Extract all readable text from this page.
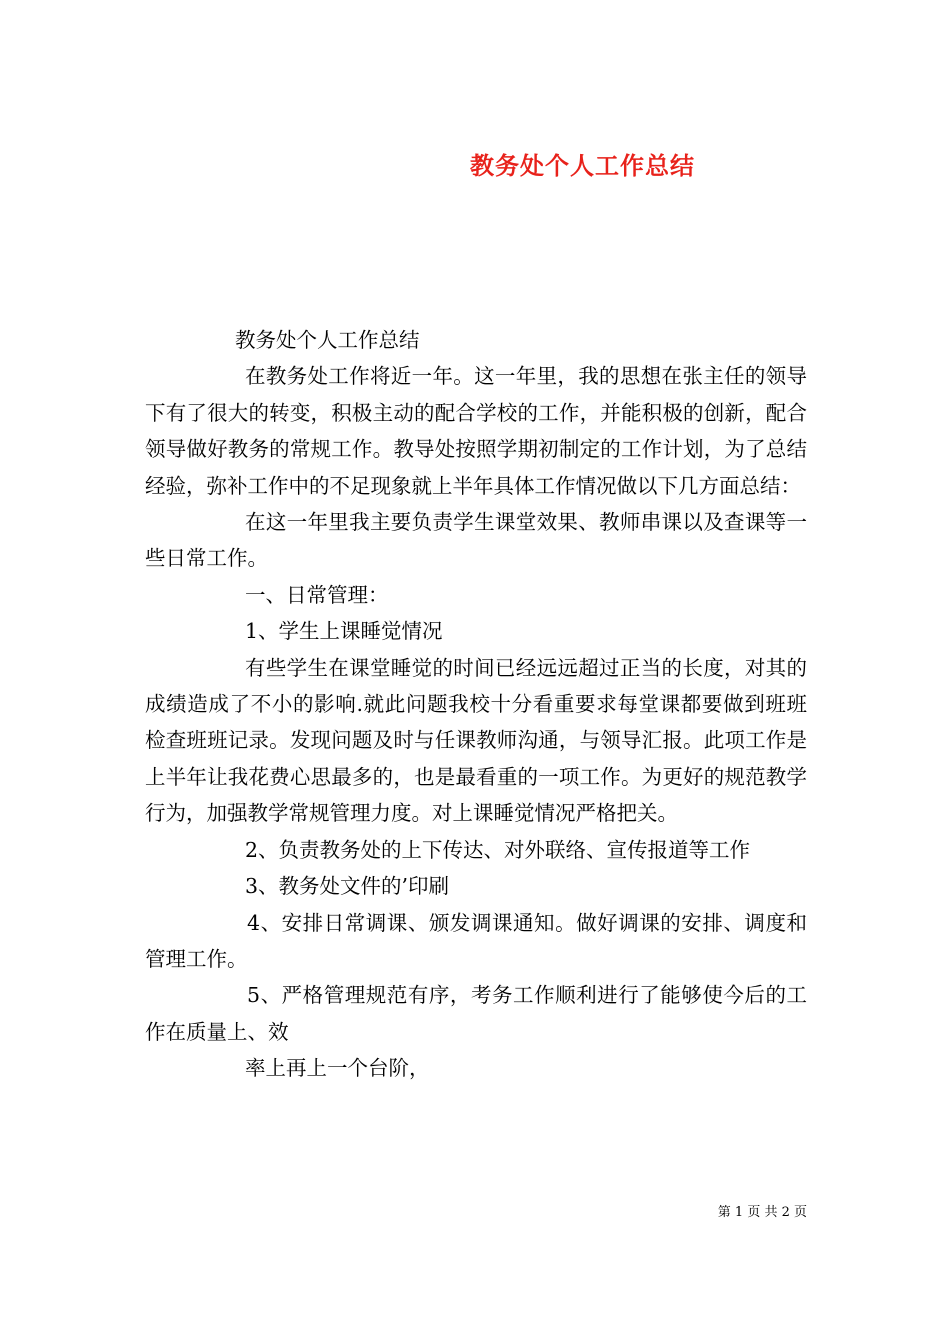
教务处个人工作总结

教务处个人工作总结

在教务处工作将近一年。这一年里，我的思想在张主任的领导下有了很大的转变，积极主动的配合学校的工作，并能积极的创新，配合领导做好教务的常规工作。教导处按照学期初制定的工作计划，为了总结经验，弥补工作中的不足现象就上半年具体工作情况做以下几方面总结：

在这一年里我主要负责学生课堂效果、教师串课以及查课等一些日常工作。

一、日常管理：

1、学生上课睡觉情况

有些学生在课堂睡觉的时间已经远远超过正当的长度，对其的成绩造成了不小的影响.就此问题我校十分看重要求每堂课都要做到班班检查班班记录。发现问题及时与任课教师沟通，与领导汇报。此项工作是上半年让我花费心思最多的，也是最看重的一项工作。为更好的规范教学行为，加强教学常规管理力度。对上课睡觉情况严格把关。

2、负责教务处的上下传达、对外联络、宣传报道等工作

3、教务处文件的’印刷

4、安排日常调课、颁发调课通知。做好调课的安排、调度和管理工作。

5、严格管理规范有序，考务工作顺利进行了能够使今后的工作在质量上、效

率上再上一个台阶，

第 1 页 共 2 页
